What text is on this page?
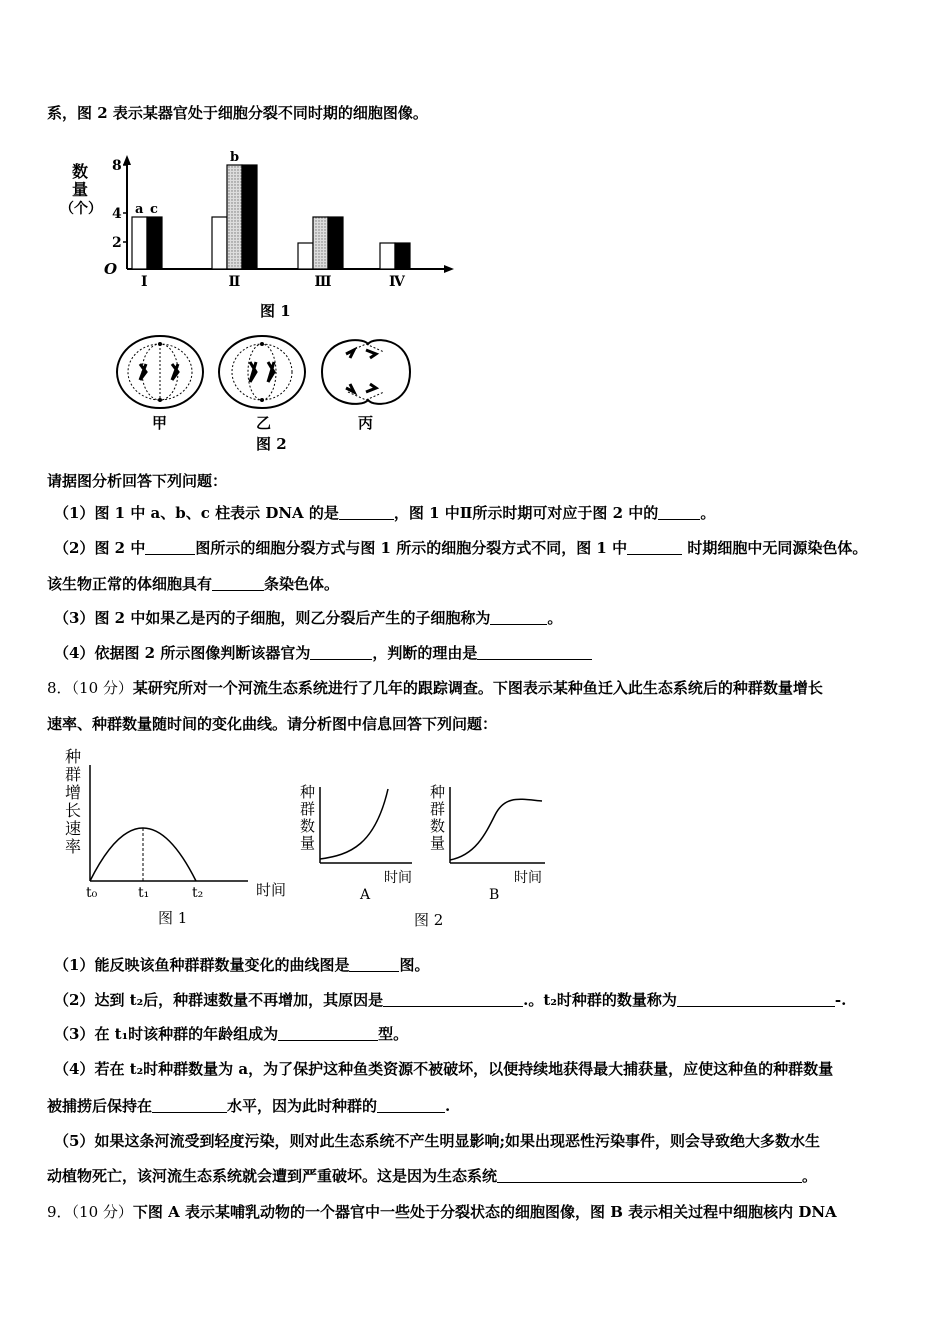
系，图 2 表示某器官处于细胞分裂不同时期的细胞图像。
数
量
（个）
O
2
4
8
a c
b
Ⅰ	Ⅱ	Ⅲ	Ⅳ
图 1
甲	乙	丙
图 2
请据图分析回答下列问题：
（1）图 1 中 a、b、c 柱表示 DNA 的是	，图 1 中Ⅱ所示时期可对应于图 2 中的	。
（2）图 2 中	图所示的细胞分裂方式与图 1 所示的细胞分裂方式不同，图 1 中	时期细胞中无同源染色体。
该生物正常的体细胞具有	条染色体。
（3）图 2 中如果乙是丙的子细胞，则乙分裂后产生的子细胞称为	。
（4）依据图 2 所示图像判断该器官为	，判断的理由是
8．（10 分）某研究所对一个河流生态系统进行了几年的跟踪调查。下图表示某种鱼迁入此生态系统后的种群数量增长
速率、种群数量随时间的变化曲线。请分析图中信息回答下列问题：
种
群
增
长
速
率
t₀	t₁	t₂	时间
图 1
种
群
数
量
时间
A
种
群
数
量
时间
B
图 2
（1）能反映该鱼种群群数量变化的曲线图是	图。
（2）达到 t₂后，种群速数量不再增加，其原因是	.。t₂时种群的数量称为	-.
（3）在 t₁时该种群的年龄组成为	型。
（4）若在 t₂时种群数量为 a，为了保护这种鱼类资源不被破坏，以便持续地获得最大捕获量，应使这种鱼的种群数量
被捕捞后保持在	水平，因为此时种群的	.
（5）如果这条河流受到轻度污染，则对此生态系统不产生明显影响;如果出现恶性污染事件，则会导致绝大多数水生
动植物死亡，该河流生态系统就会遭到严重破坏。这是因为生态系统	。
9．（10 分）下图 A 表示某哺乳动物的一个器官中一些处于分裂状态的细胞图像，图 B 表示相关过程中细胞核内 DNA
